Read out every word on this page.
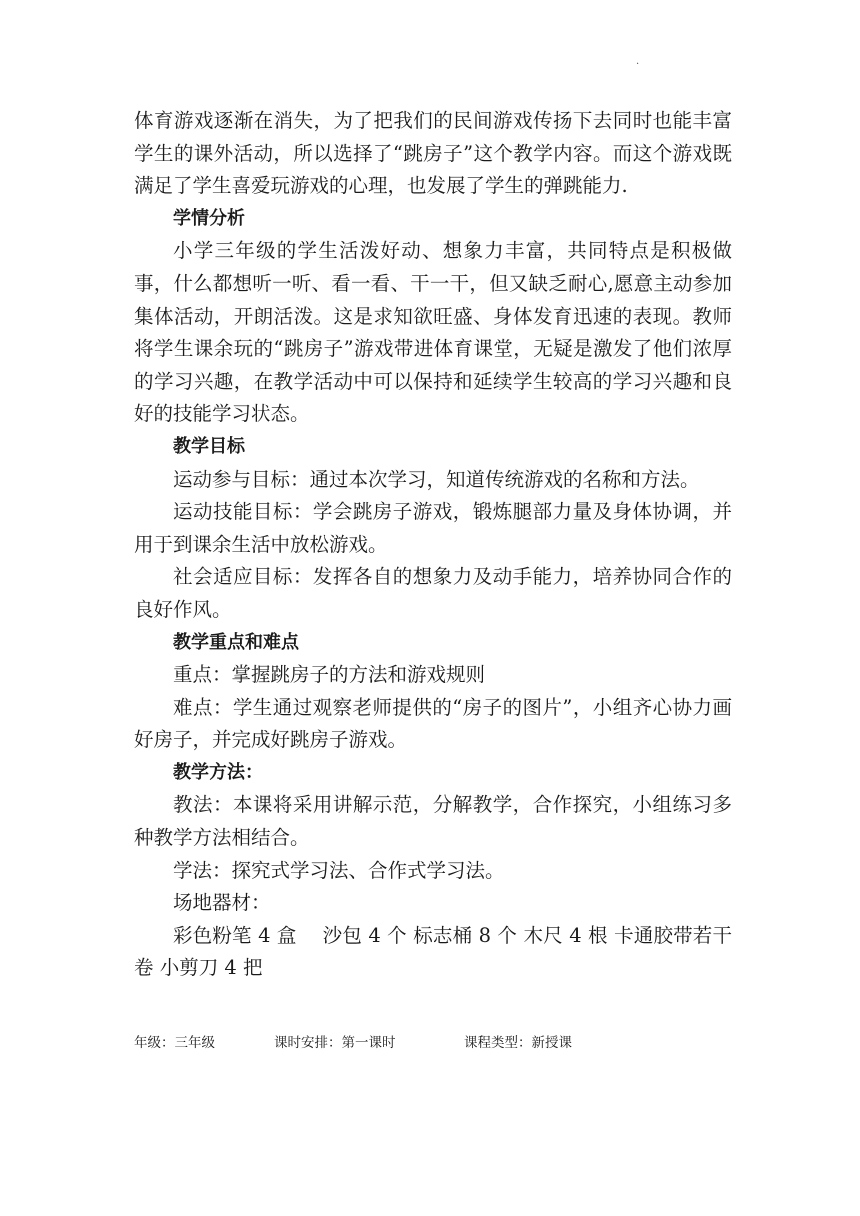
.

体育游戏逐渐在消失，为了把我们的民间游戏传扬下去同时也能丰富学生的课外活动，所以选择了“跳房子”这个教学内容。而这个游戏既满足了学生喜爱玩游戏的心理，也发展了学生的弹跳能力.

学情分析

小学三年级的学生活泼好动、想象力丰富，共同特点是积极做事，什么都想听一听、看一看、干一干，但又缺乏耐心,愿意主动参加集体活动，开朗活泼。这是求知欲旺盛、身体发育迅速的表现。教师将学生课余玩的“跳房子”游戏带进体育课堂，无疑是激发了他们浓厚的学习兴趣，在教学活动中可以保持和延续学生较高的学习兴趣和良好的技能学习状态。

教学目标

运动参与目标：通过本次学习，知道传统游戏的名称和方法。

运动技能目标：学会跳房子游戏，锻炼腿部力量及身体协调，并用于到课余生活中放松游戏。

社会适应目标：发挥各自的想象力及动手能力，培养协同合作的良好作风。

教学重点和难点

重点：掌握跳房子的方法和游戏规则

难点：学生通过观察老师提供的“房子的图片”，小组齐心协力画好房子，并完成好跳房子游戏。

教学方法：

教法：本课将采用讲解示范，分解教学，合作探究，小组练习多种教学方法相结合。

学法：探究式学习法、合作式学习法。

场地器材：

彩色粉笔 4 盒　 沙包 4 个 标志桶 8 个 木尺 4 根 卡通胶带若干卷 小剪刀 4 把

年级：三年级	课时安排：第一课时	课程类型：新授课
